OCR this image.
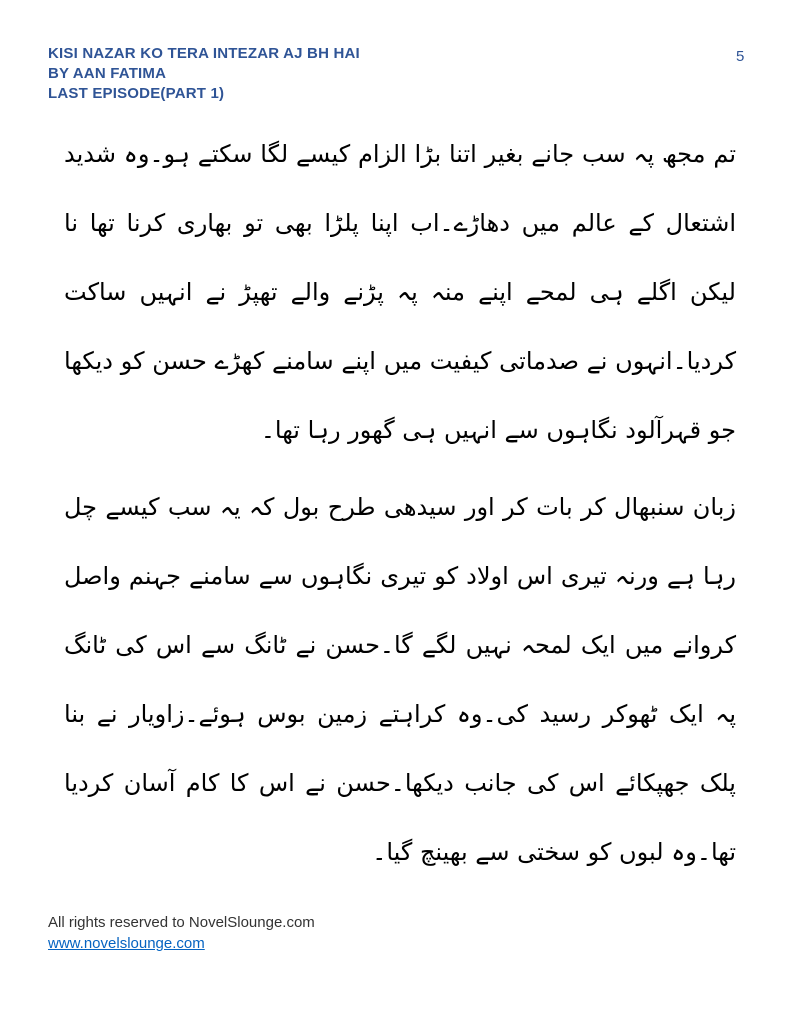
KISI NAZAR KO TERA INTEZAR AJ BH HAI
BY AAN FATIMA
LAST EPISODE(PART 1)
5

تم مجھ پہ سب جانے بغیر اتنا بڑا الزام کیسے لگا سکتے ہو۔وہ شدید اشتعال کے عالم میں دھاڑے۔اب اپنا پلڑا بھی تو بھاری کرنا تھا نا لیکن اگلے ہی لمحے اپنے منہ پہ پڑنے والے تھپڑ نے انہیں ساکت کردیا۔انہوں نے صدماتی کیفیت میں اپنے سامنے کھڑے حسن کو دیکھا جو قہرآلود نگاہوں سے انہیں ہی گھور رہا تھا۔

زبان سنبھال کر بات کر اور سیدھی طرح بول کہ یہ سب کیسے چل رہا ہے ورنہ تیری اس اولاد کو تیری نگاہوں سے سامنے جہنم واصل کروانے میں ایک لمحہ نہیں لگے گا۔حسن نے ٹانگ سے اس کی ٹانگ پہ ایک ٹھوکر رسید کی۔وہ کراہتے زمین بوس ہوئے۔زاویار نے بنا پلک جھپکائے اس کی جانب دیکھا۔حسن نے اس کا کام آسان کردیا تھا۔وہ لبوں کو سختی سے بھینچ گیا۔

All rights reserved to NovelSlounge.com
www.novelslounge.com
